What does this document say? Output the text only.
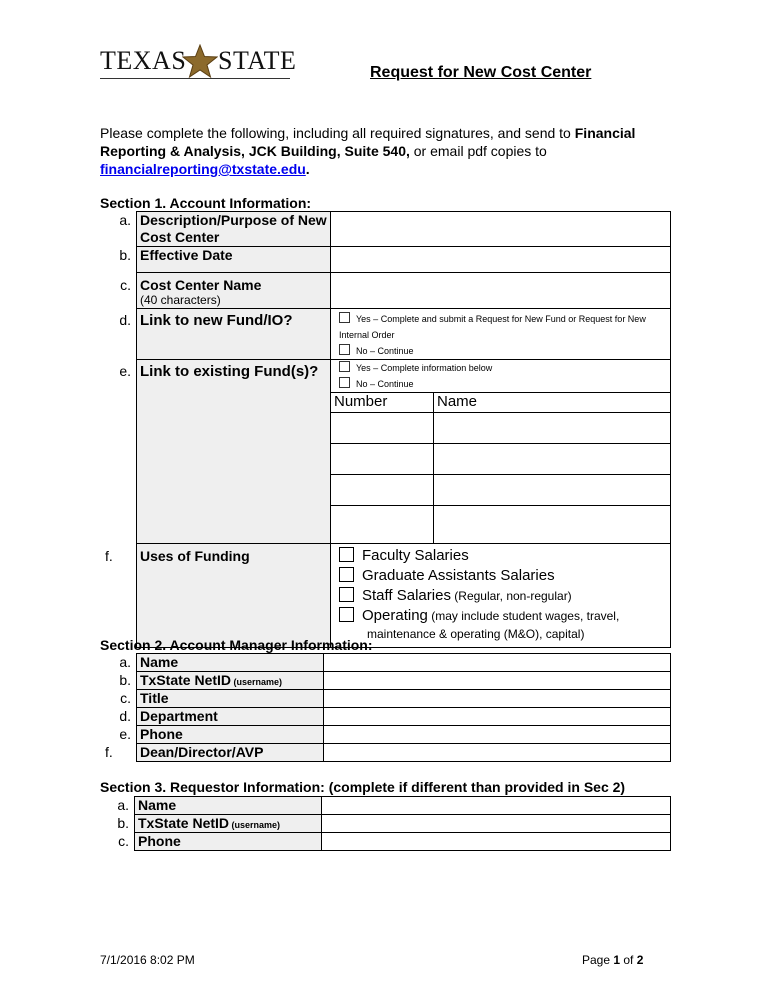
TEXAS STATE	Request for New Cost Center
Please complete the following, including all required signatures, and send to Financial Reporting & Analysis, JCK Building, Suite 540, or email pdf copies to financialreporting@txstate.edu.
Section 1. Account Information:
a.	Description/Purpose of New Cost Center		
b.	Effective Date		
c.	Cost Center Name
(40 characters)		

d.	Link to new Fund/IO?	Yes – Complete and submit a Request for New Fund or Request for New Internal Order
No – Continue	

e.	Link to existing Fund(s)?	Yes – Complete information below
No – Continue	

		Number	Name

f.	Uses of Funding	Faculty Salaries
Graduate Assistants Salaries
Staff Salaries (Regular, non-regular)
Operating (may include student wages, travel,
maintenance & operating (M&O), capital)	
Section 2. Account Manager Information:
a.	Name	
b.	TxState NetID (username)	
c.	Title	
d.	Department	
e.	Phone	
f.	Dean/Director/AVP	
Section 3. Requestor Information: (complete if different than provided in Sec 2)
a.	Name	
b.	TxState NetID (username)	
c.	Phone	
7/1/2016 8:02 PM	Page 1 of 2
